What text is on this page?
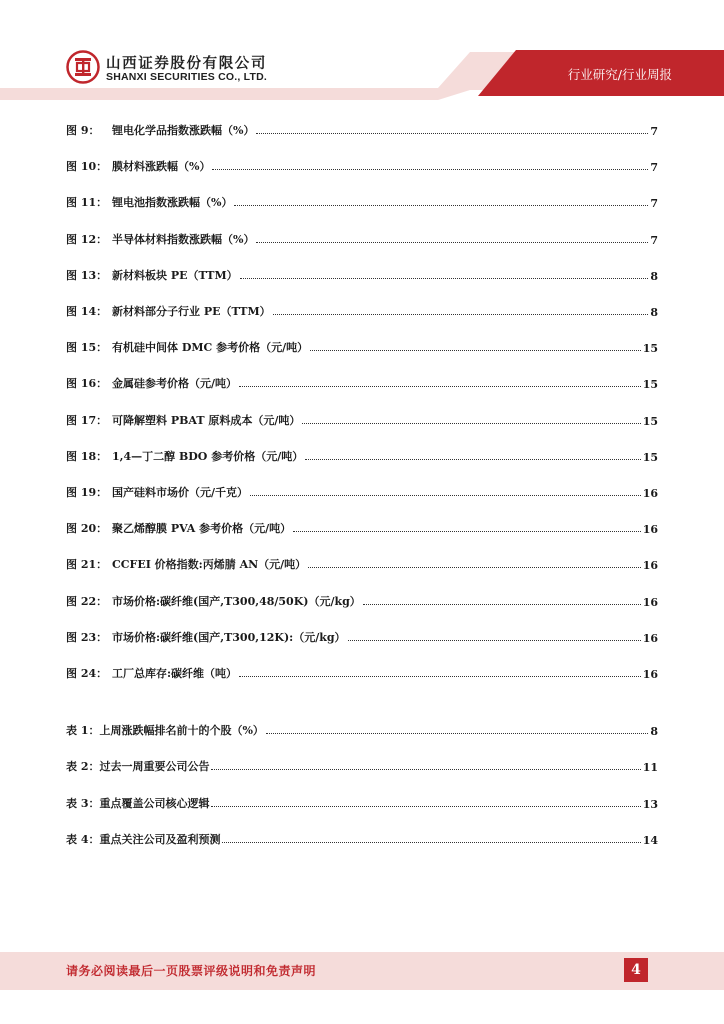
山西证券股份有限公司
SHANXI SECURITIES CO., LTD.	行业研究/行业周报
图 9：	锂电化学品指数涨跌幅（%）	7
图 10： 膜材料涨跌幅（%）	7
图 11： 锂电池指数涨跌幅（%）	7
图 12： 半导体材料指数涨跌幅（%）	7
图 13： 新材料板块 PE（TTM）	8
图 14： 新材料部分子行业 PE（TTM）	8
图 15： 有机硅中间体 DMC 参考价格（元/吨）	15
图 16： 金属硅参考价格（元/吨）	15
图 17： 可降解塑料 PBAT 原料成本（元/吨）	15
图 18： 1,4—丁二醇 BDO 参考价格（元/吨）	15
图 19： 国产硅料市场价（元/千克）	16
图 20： 聚乙烯醇膜 PVA 参考价格（元/吨）	16
图 21： CCFEI 价格指数:丙烯腈 AN（元/吨）	16
图 22： 市场价格:碳纤维(国产,T300,48/50K)（元/kg）	16
图 23： 市场价格:碳纤维(国产,T300,12K):（元/kg）	16
图 24： 工厂总库存:碳纤维（吨）	16
表 1： 上周涨跌幅排名前十的个股（%）	8
表 2： 过去一周重要公司公告	11
表 3： 重点覆盖公司核心逻辑	13
表 4： 重点关注公司及盈利预测	14
请务必阅读最后一页股票评级说明和免责声明	4
